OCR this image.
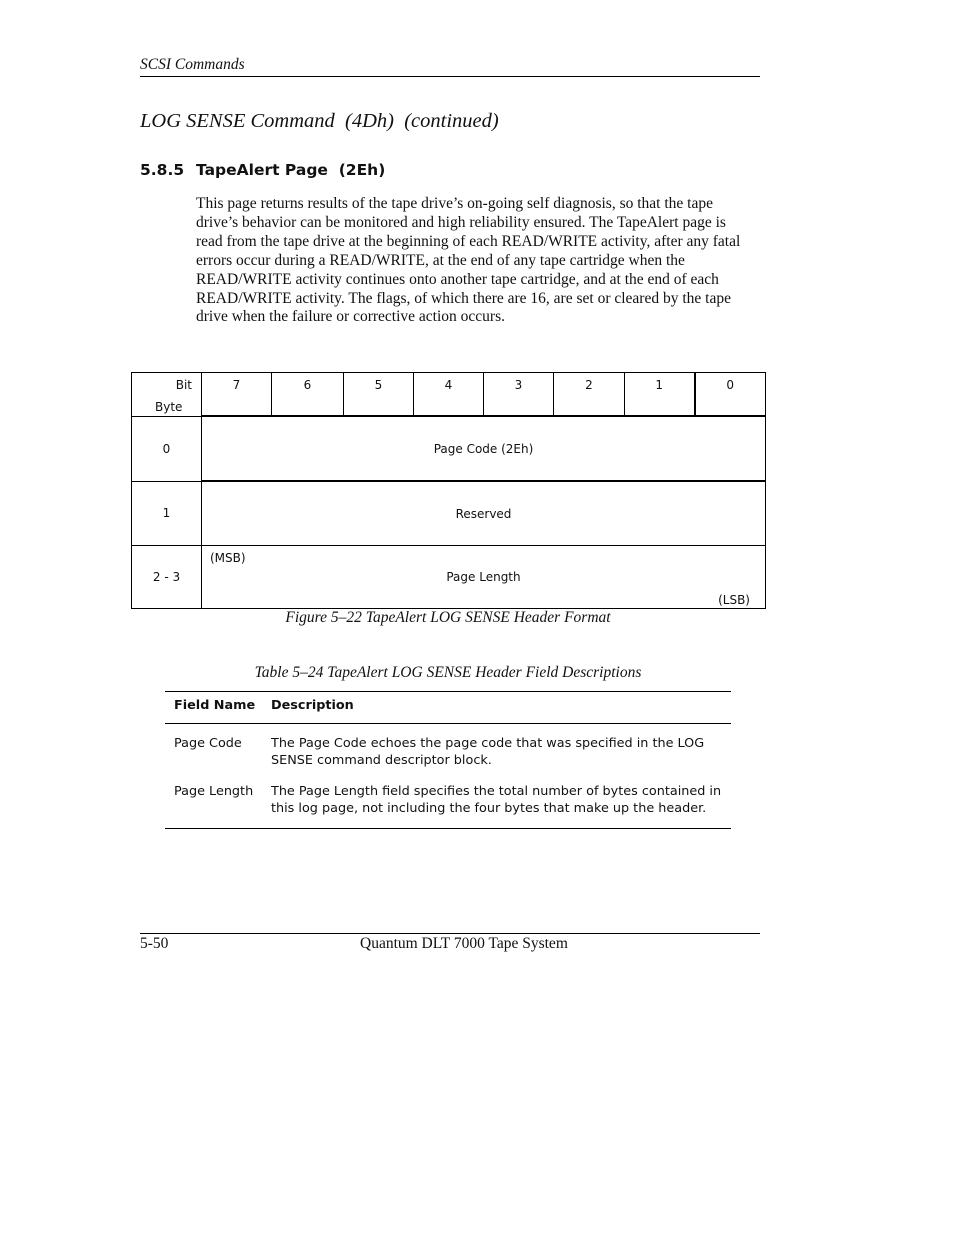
SCSI Commands
LOG SENSE Command  (4Dh)  (continued)
5.8.5 TapeAlert Page  (2Eh)
This page returns results of the tape drive’s on-going self diagnosis, so that the tape drive’s behavior can be monitored and high reliability ensured. The TapeAlert page is read from the tape drive at the beginning of each READ/WRITE activity, after any fatal errors occur during a READ/WRITE, at the end of any tape cartridge when the READ/WRITE activity continues onto another tape cartridge, and at the end of each READ/WRITE activity. The flags, of which there are 16, are set or cleared by the tape drive when the failure or corrective action occurs.
Bit
Byte	7	6	5	4	3	2	1	0

0	Page Code (2Eh)							
1	Reserved							
2 - 3	(MSB)
Page Length
(LSB)							
Figure 5–22 TapeAlert LOG SENSE Header Format
Table 5–24 TapeAlert LOG SENSE Header Field Descriptions
Field Name	Description
Page Code	The Page Code echoes the page code that was specified in the LOG SENSE command descriptor block.
Page Length	The Page Length field specifies the total number of bytes contained in this log page, not including the four bytes that make up the header.
5-50	Quantum DLT 7000 Tape System
